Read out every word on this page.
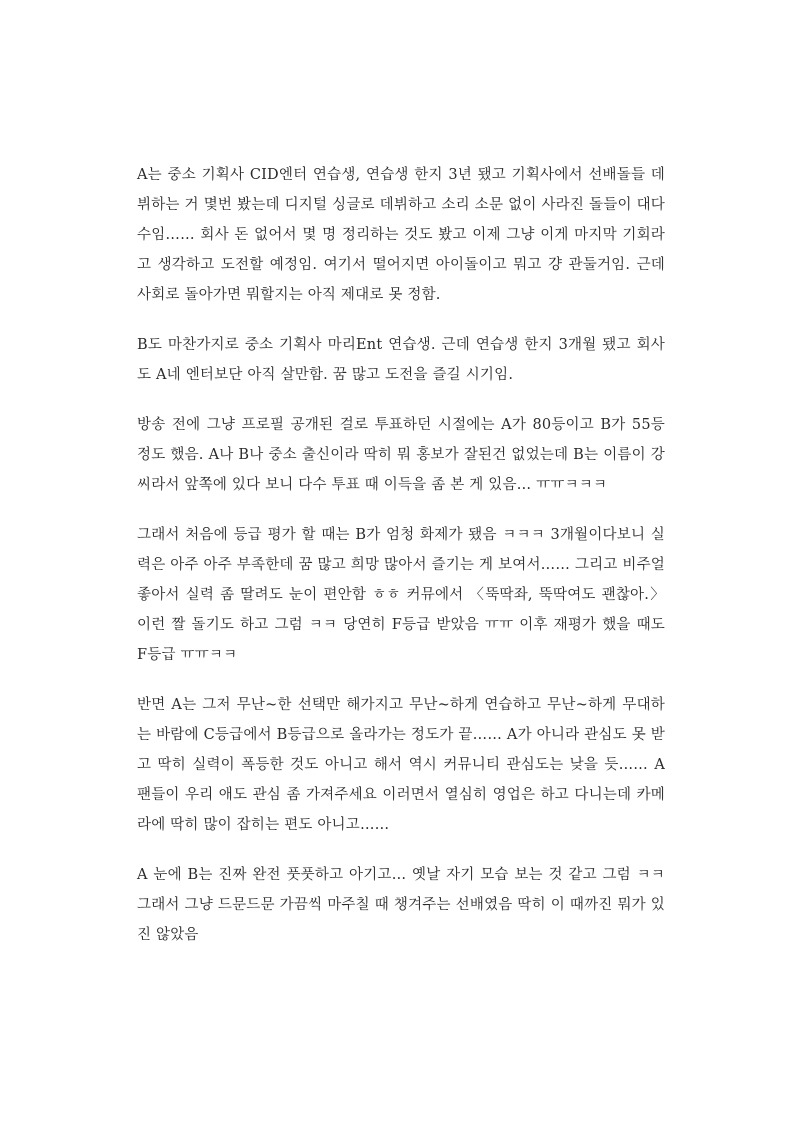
A는 중소 기획사 CID엔터 연습생, 연습생 한지 3년 됐고 기획사에서 선배돌들 데뷔하는 거 몇번 봤는데 디지털 싱글로 데뷔하고 소리 소문 없이 사라진 돌들이 대다수임…… 회사 돈 없어서 몇 명 정리하는 것도 봤고 이제 그냥 이게 마지막 기회라고 생각하고 도전할 예정임. 여기서 떨어지면 아이돌이고 뭐고 걍 관둘거임. 근데 사회로 돌아가면 뭐할지는 아직 제대로 못 정함.

B도 마찬가지로 중소 기획사 마리Ent 연습생. 근데 연습생 한지 3개월 됐고 회사도 A네 엔터보단 아직 살만함. 꿈 많고 도전을 즐길 시기임.

방송 전에 그냥 프로필 공개된 걸로 투표하던 시절에는 A가 80등이고 B가 55등 정도 했음. A나 B나 중소 출신이라 딱히 뭐 홍보가 잘된건 없었는데 B는 이름이 강씨라서 앞쪽에 있다 보니 다수 투표 때 이득을 좀 본 게 있음… ㅠㅠㅋㅋㅋ

그래서 처음에 등급 평가 할 때는 B가 엄청 화제가 됐음 ㅋㅋㅋ 3개월이다보니 실력은 아주 아주 부족한데 꿈 많고 희망 많아서 즐기는 게 보여서…… 그리고 비주얼 좋아서 실력 좀 딸려도 눈이 편안함 ㅎㅎ 커뮤에서 〈뚝딱좌, 뚝딱여도 괜찮아.〉 이런 짤 돌기도 하고 그럼 ㅋㅋ 당연히 F등급 받았음 ㅠㅠ 이후 재평가 했을 때도 F등급 ㅠㅠㅋㅋ

반면 A는 그저 무난~한 선택만 해가지고 무난~하게 연습하고 무난~하게 무대하는 바람에 C등급에서 B등급으로 올라가는 정도가 끝…… A가 아니라 관심도 못 받고 딱히 실력이 폭등한 것도 아니고 해서 역시 커뮤니티 관심도는 낮을 듯…… A 팬들이 우리 애도 관심 좀 가져주세요 이러면서 열심히 영업은 하고 다니는데 카메라에 딱히 많이 잡히는 편도 아니고……

A 눈에 B는 진짜 완전 풋풋하고 아기고… 옛날 자기 모습 보는 것 같고 그럼 ㅋㅋ 그래서 그냥 드문드문 가끔씩 마주칠 때 챙겨주는 선배였음 딱히 이 때까진 뭐가 있진 않았음
